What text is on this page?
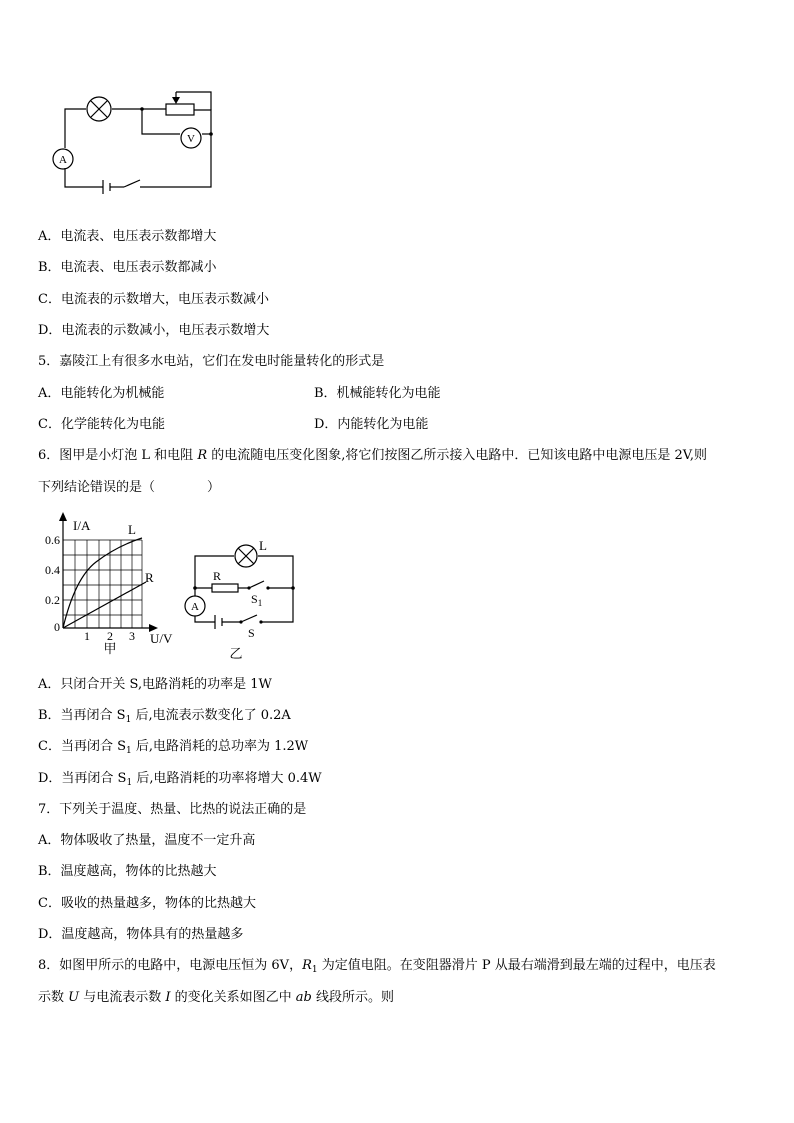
V
A
A．电流表、电压表示数都增大
B．电流表、电压表示数都减小
C．电流表的示数增大，电压表示数减小
D．电流表的示数减小，电压表示数增大
5．嘉陵江上有很多水电站，它们在发电时能量转化的形式是
A．电能转化为机械能	B．机械能转化为电能
C．化学能转化为电能	D．内能转化为电能
6．图甲是小灯泡 L 和电阻 R 的电流随电压变化图象,将它们按图乙所示接入电路中．已知该电路中电源电压是 2V,则
下列结论错误的是（　　　　）
I/A
U/V
0.6
0.4
0.2
0
1 2 3
L
R
甲
L
R
$S_1$
A
S
乙
A．只闭合开关 S,电路消耗的功率是 1W
B．当再闭合 $S_1$ 后,电流表示数变化了 0.2A
C．当再闭合 $S_1$ 后,电路消耗的总功率为 1.2W
D．当再闭合 $S_1$ 后,电路消耗的功率将增大 0.4W
7．下列关于温度、热量、比热的说法正确的是
A．物体吸收了热量，温度不一定升高
B．温度越高，物体的比热越大
C．吸收的热量越多，物体的比热越大
D．温度越高，物体具有的热量越多
8．如图甲所示的电路中，电源电压恒为 6V，$R_1$ 为定值电阻。在变阻器滑片 P 从最右端滑到最左端的过程中，电压表
示数 U 与电流表示数 I 的变化关系如图乙中 ab 线段所示。则
